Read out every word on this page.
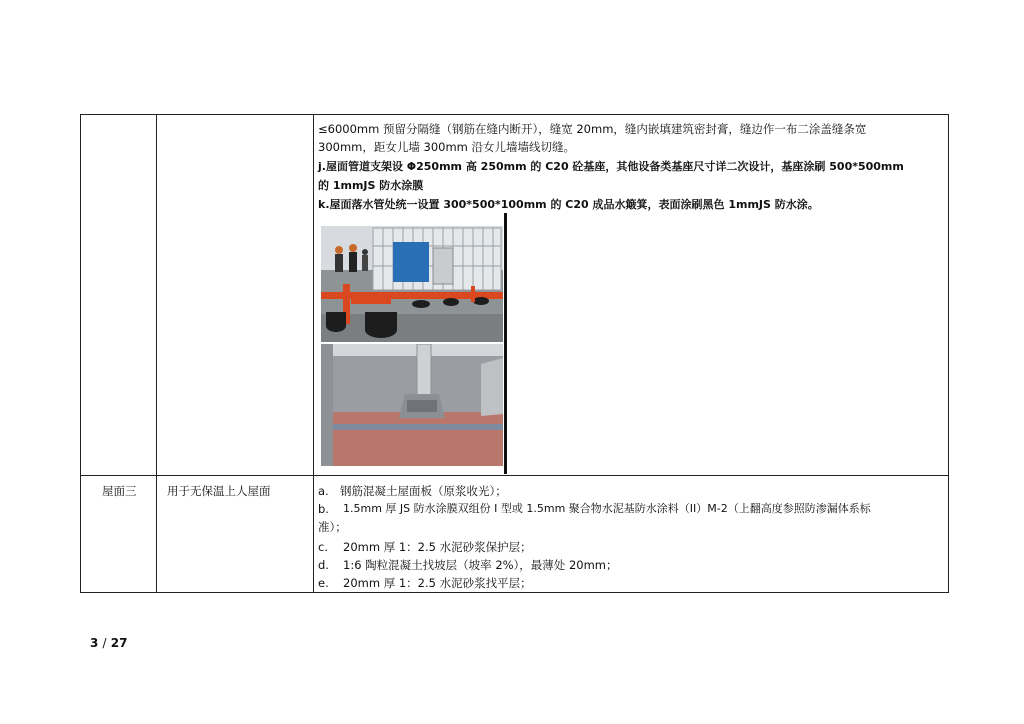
≤6000mm 预留分隔缝（钢筋在缝内断开），缝宽 20mm，缝内嵌填建筑密封膏，缝边作一布二涂盖缝条宽
300mm，距女儿墙 300mm 沿女儿墙墙线切缝。
j.屋面管道支架设 Φ250mm 高 250mm 的 C20 砼基座，其他设备类基座尺寸详二次设计，基座涂刷 500*500mm
的 1mmJS 防水涂膜
k.屋面落水管处统一设置 300*500*100mm 的 C20 成品水簸箕，表面涂刷黑色 1mmJS 防水涂。
屋面三	用于无保温上人屋面	a. 钢筋混凝土屋面板（原浆收光）；
b. 1.5mm 厚 JS 防水涂膜双组份 I 型或 1.5mm 聚合物水泥基防水涂料（II）M-2（上翻高度参照防渗漏体系标
准）；
c. 20mm 厚 1：2.5 水泥砂浆保护层；
d. 1:6 陶粒混凝土找坡层（坡率 2%），最薄处 20mm；
e. 20mm 厚 1：2.5 水泥砂浆找平层；
3 / 27
